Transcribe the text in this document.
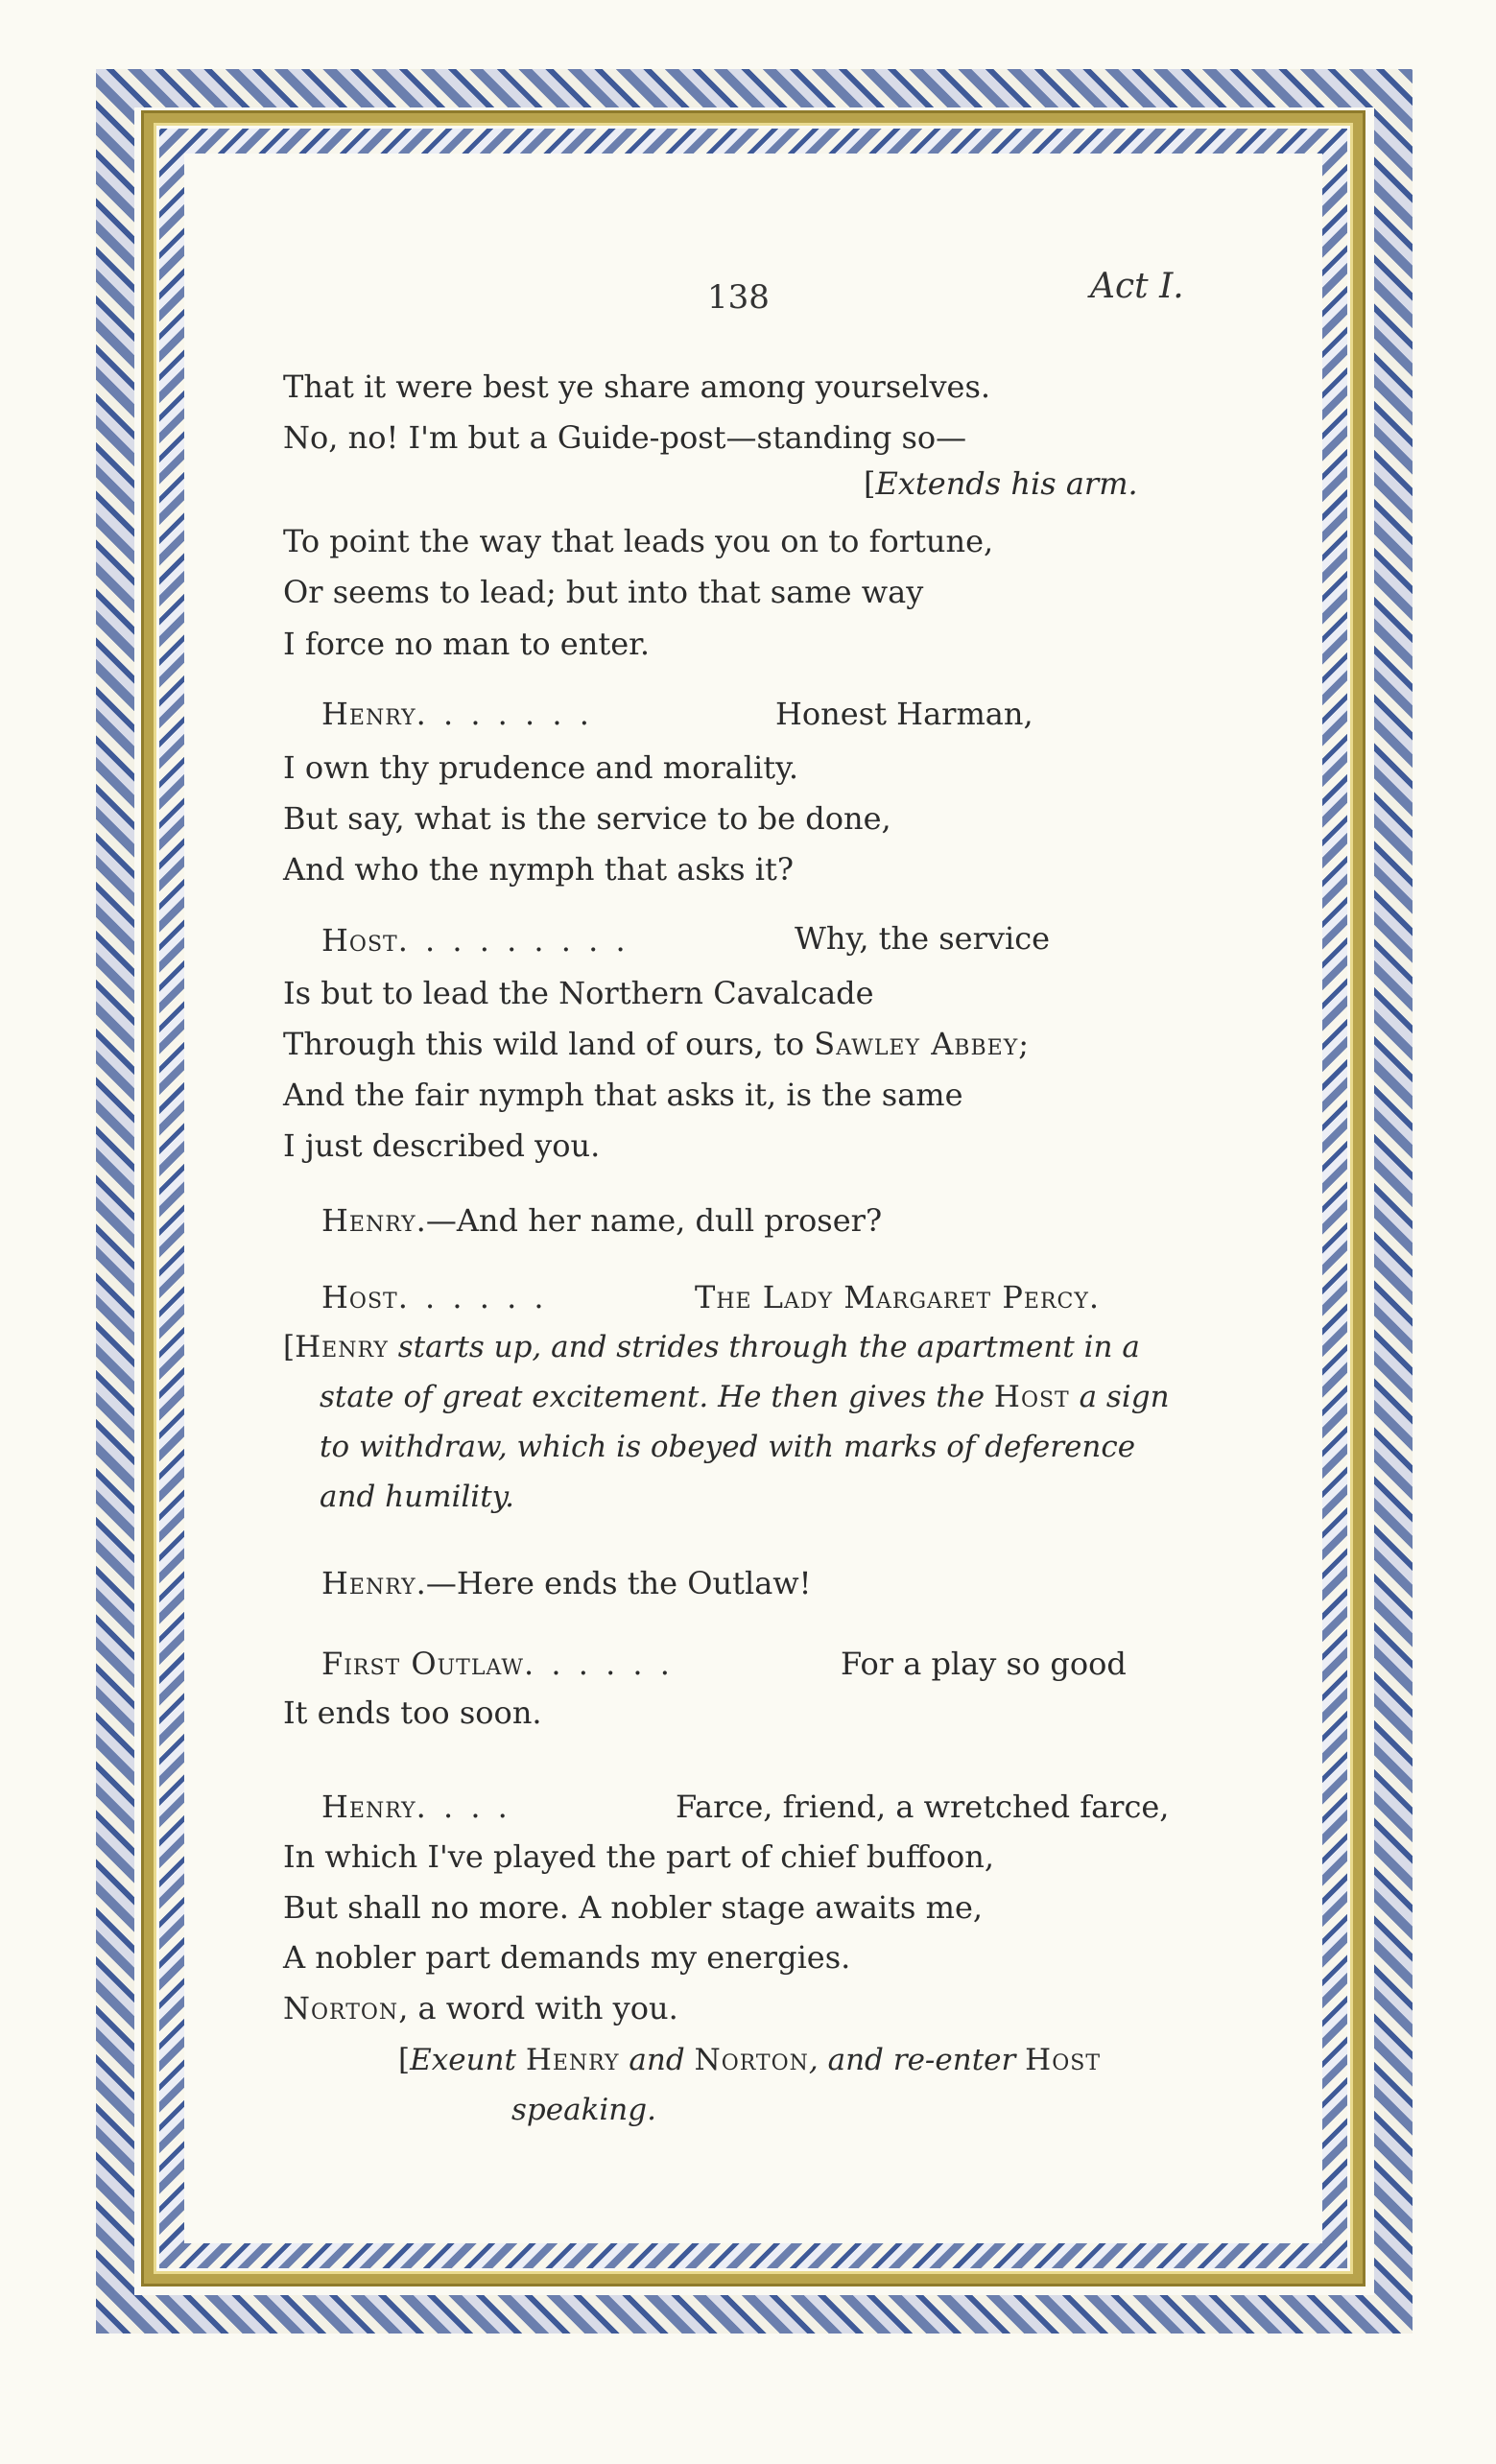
138	Act I.
That it were best ye share among yourselves.
No, no! I'm but a Guide-post—standing so—
[Extends his arm.
To point the way that leads you on to fortune,
Or seems to lead; but into that same way
I force no man to enter.
Henry. . . . . . .	Honest Harman,
I own thy prudence and morality.
But say, what is the service to be done,
And who the nymph that asks it?
Host. . . . . . . . .	Why, the service
Is but to lead the Northern Cavalcade
Through this wild land of ours, to Sawley Abbey;
And the fair nymph that asks it, is the same
I just described you.
Henry.—And her name, dull proser?
Host. . . . . .	The Lady Margaret Percy.
[Henry starts up, and strides through the apartment in a
state of great excitement. He then gives the Host a sign
to withdraw, which is obeyed with marks of deference
and humility.
Henry.—Here ends the Outlaw!
First Outlaw. . . . . .	For a play so good
It ends too soon.
Henry. . . .	Farce, friend, a wretched farce,
In which I've played the part of chief buffoon,
But shall no more. A nobler stage awaits me,
A nobler part demands my energies.
Norton, a word with you.
[Exeunt Henry and Norton, and re-enter Host
speaking.
